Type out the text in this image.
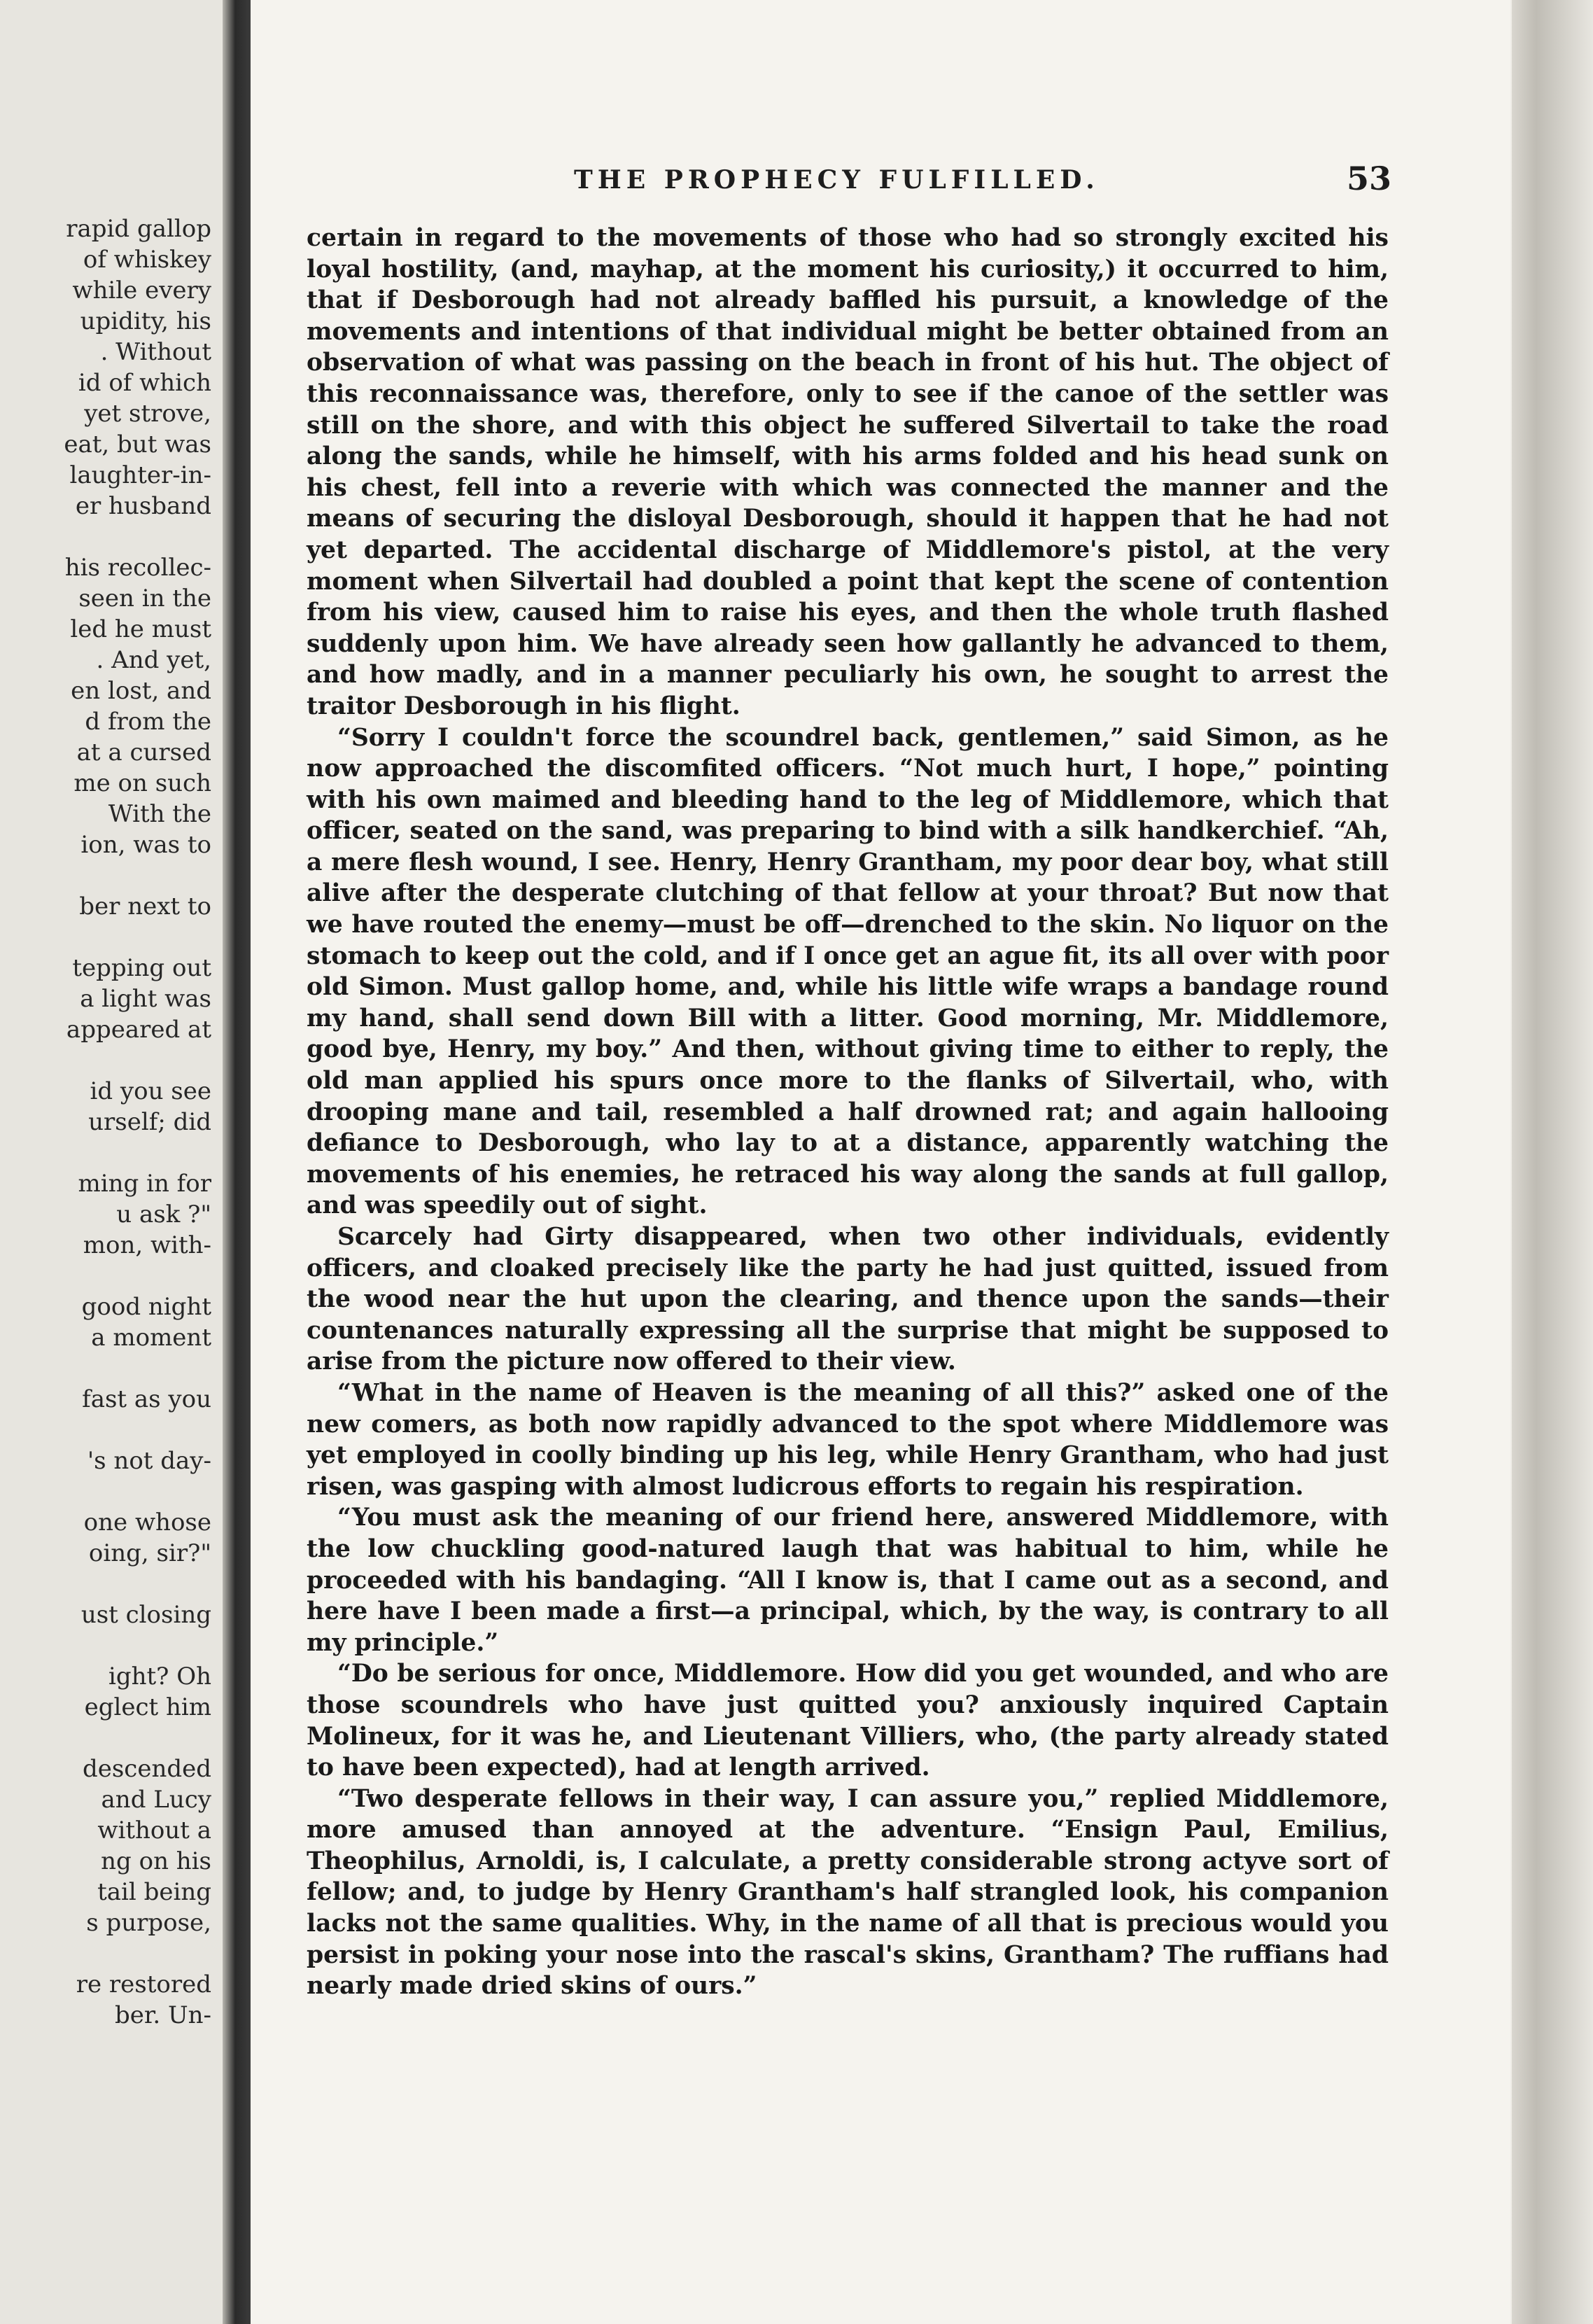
rapid gallop
of whiskey
while every
upidity, his
. Without
id of which
yet strove,
eat, but was
laughter-in-
er husband
his recollec-
seen in the
led he must
. And yet,
en lost, and
d from the
at a cursed
me on such
With the
ion, was to
ber next to
tepping out
a light was
appeared at
id you see
urself; did
ming in for
u ask ?"
mon, with-
good night
a moment
fast as you
's not day-
one whose
oing, sir?"
ust closing
ight? Oh
eglect him
descended
and Lucy
without a
ng on his
tail being
s purpose,
re restored
ber. Un-
THE PROPHECY FULFILLED.	53

certain in regard to the movements of those who had so strongly excited his loyal hostility, (and, mayhap, at the moment his curiosity,) it occurred to him, that if Desborough had not already baffled his pursuit, a knowledge of the movements and intentions of that individual might be better obtained from an observation of what was passing on the beach in front of his hut. The object of this reconnaissance was, therefore, only to see if the canoe of the settler was still on the shore, and with this object he suffered Silvertail to take the road along the sands, while he himself, with his arms folded and his head sunk on his chest, fell into a reverie with which was connected the manner and the means of securing the disloyal Desborough, should it happen that he had not yet departed. The accidental discharge of Middlemore's pistol, at the very moment when Silvertail had doubled a point that kept the scene of contention from his view, caused him to raise his eyes, and then the whole truth flashed suddenly upon him. We have already seen how gallantly he advanced to them, and how madly, and in a manner peculiarly his own, he sought to arrest the traitor Desborough in his flight.

“Sorry I couldn't force the scoundrel back, gentlemen,” said Simon, as he now approached the discomfited officers. “Not much hurt, I hope,” pointing with his own maimed and bleeding hand to the leg of Middlemore, which that officer, seated on the sand, was preparing to bind with a silk handkerchief. “Ah, a mere flesh wound, I see. Henry, Henry Grantham, my poor dear boy, what still alive after the desperate clutching of that fellow at your throat? But now that we have routed the enemy—must be off—drenched to the skin. No liquor on the stomach to keep out the cold, and if I once get an ague fit, its all over with poor old Simon. Must gallop home, and, while his little wife wraps a bandage round my hand, shall send down Bill with a litter. Good morning, Mr. Middlemore, good bye, Henry, my boy.” And then, without giving time to either to reply, the old man applied his spurs once more to the flanks of Silvertail, who, with drooping mane and tail, resembled a half drowned rat; and again hallooing defiance to Desborough, who lay to at a distance, apparently watching the movements of his enemies, he retraced his way along the sands at full gallop, and was speedily out of sight.

Scarcely had Girty disappeared, when two other individuals, evidently officers, and cloaked precisely like the party he had just quitted, issued from the wood near the hut upon the clearing, and thence upon the sands—their countenances naturally expressing all the surprise that might be supposed to arise from the picture now offered to their view.

“What in the name of Heaven is the meaning of all this?” asked one of the new comers, as both now rapidly advanced to the spot where Middlemore was yet employed in coolly binding up his leg, while Henry Grantham, who had just risen, was gasping with almost ludicrous efforts to regain his respiration.

“You must ask the meaning of our friend here, answered Middlemore, with the low chuckling good-natured laugh that was habitual to him, while he proceeded with his bandaging. “All I know is, that I came out as a second, and here have I been made a first—a principal, which, by the way, is contrary to all my principle.”

“Do be serious for once, Middlemore. How did you get wounded, and who are those scoundrels who have just quitted you? anxiously inquired Captain Molineux, for it was he, and Lieutenant Villiers, who, (the party already stated to have been expected), had at length arrived.

“Two desperate fellows in their way, I can assure you,” replied Middlemore, more amused than annoyed at the adventure. “Ensign Paul, Emilius, Theophilus, Arnoldi, is, I calculate, a pretty considerable strong actyve sort of fellow; and, to judge by Henry Grantham's half strangled look, his companion lacks not the same qualities. Why, in the name of all that is precious would you persist in poking your nose into the rascal's skins, Grantham? The ruffians had nearly made dried skins of ours.”
